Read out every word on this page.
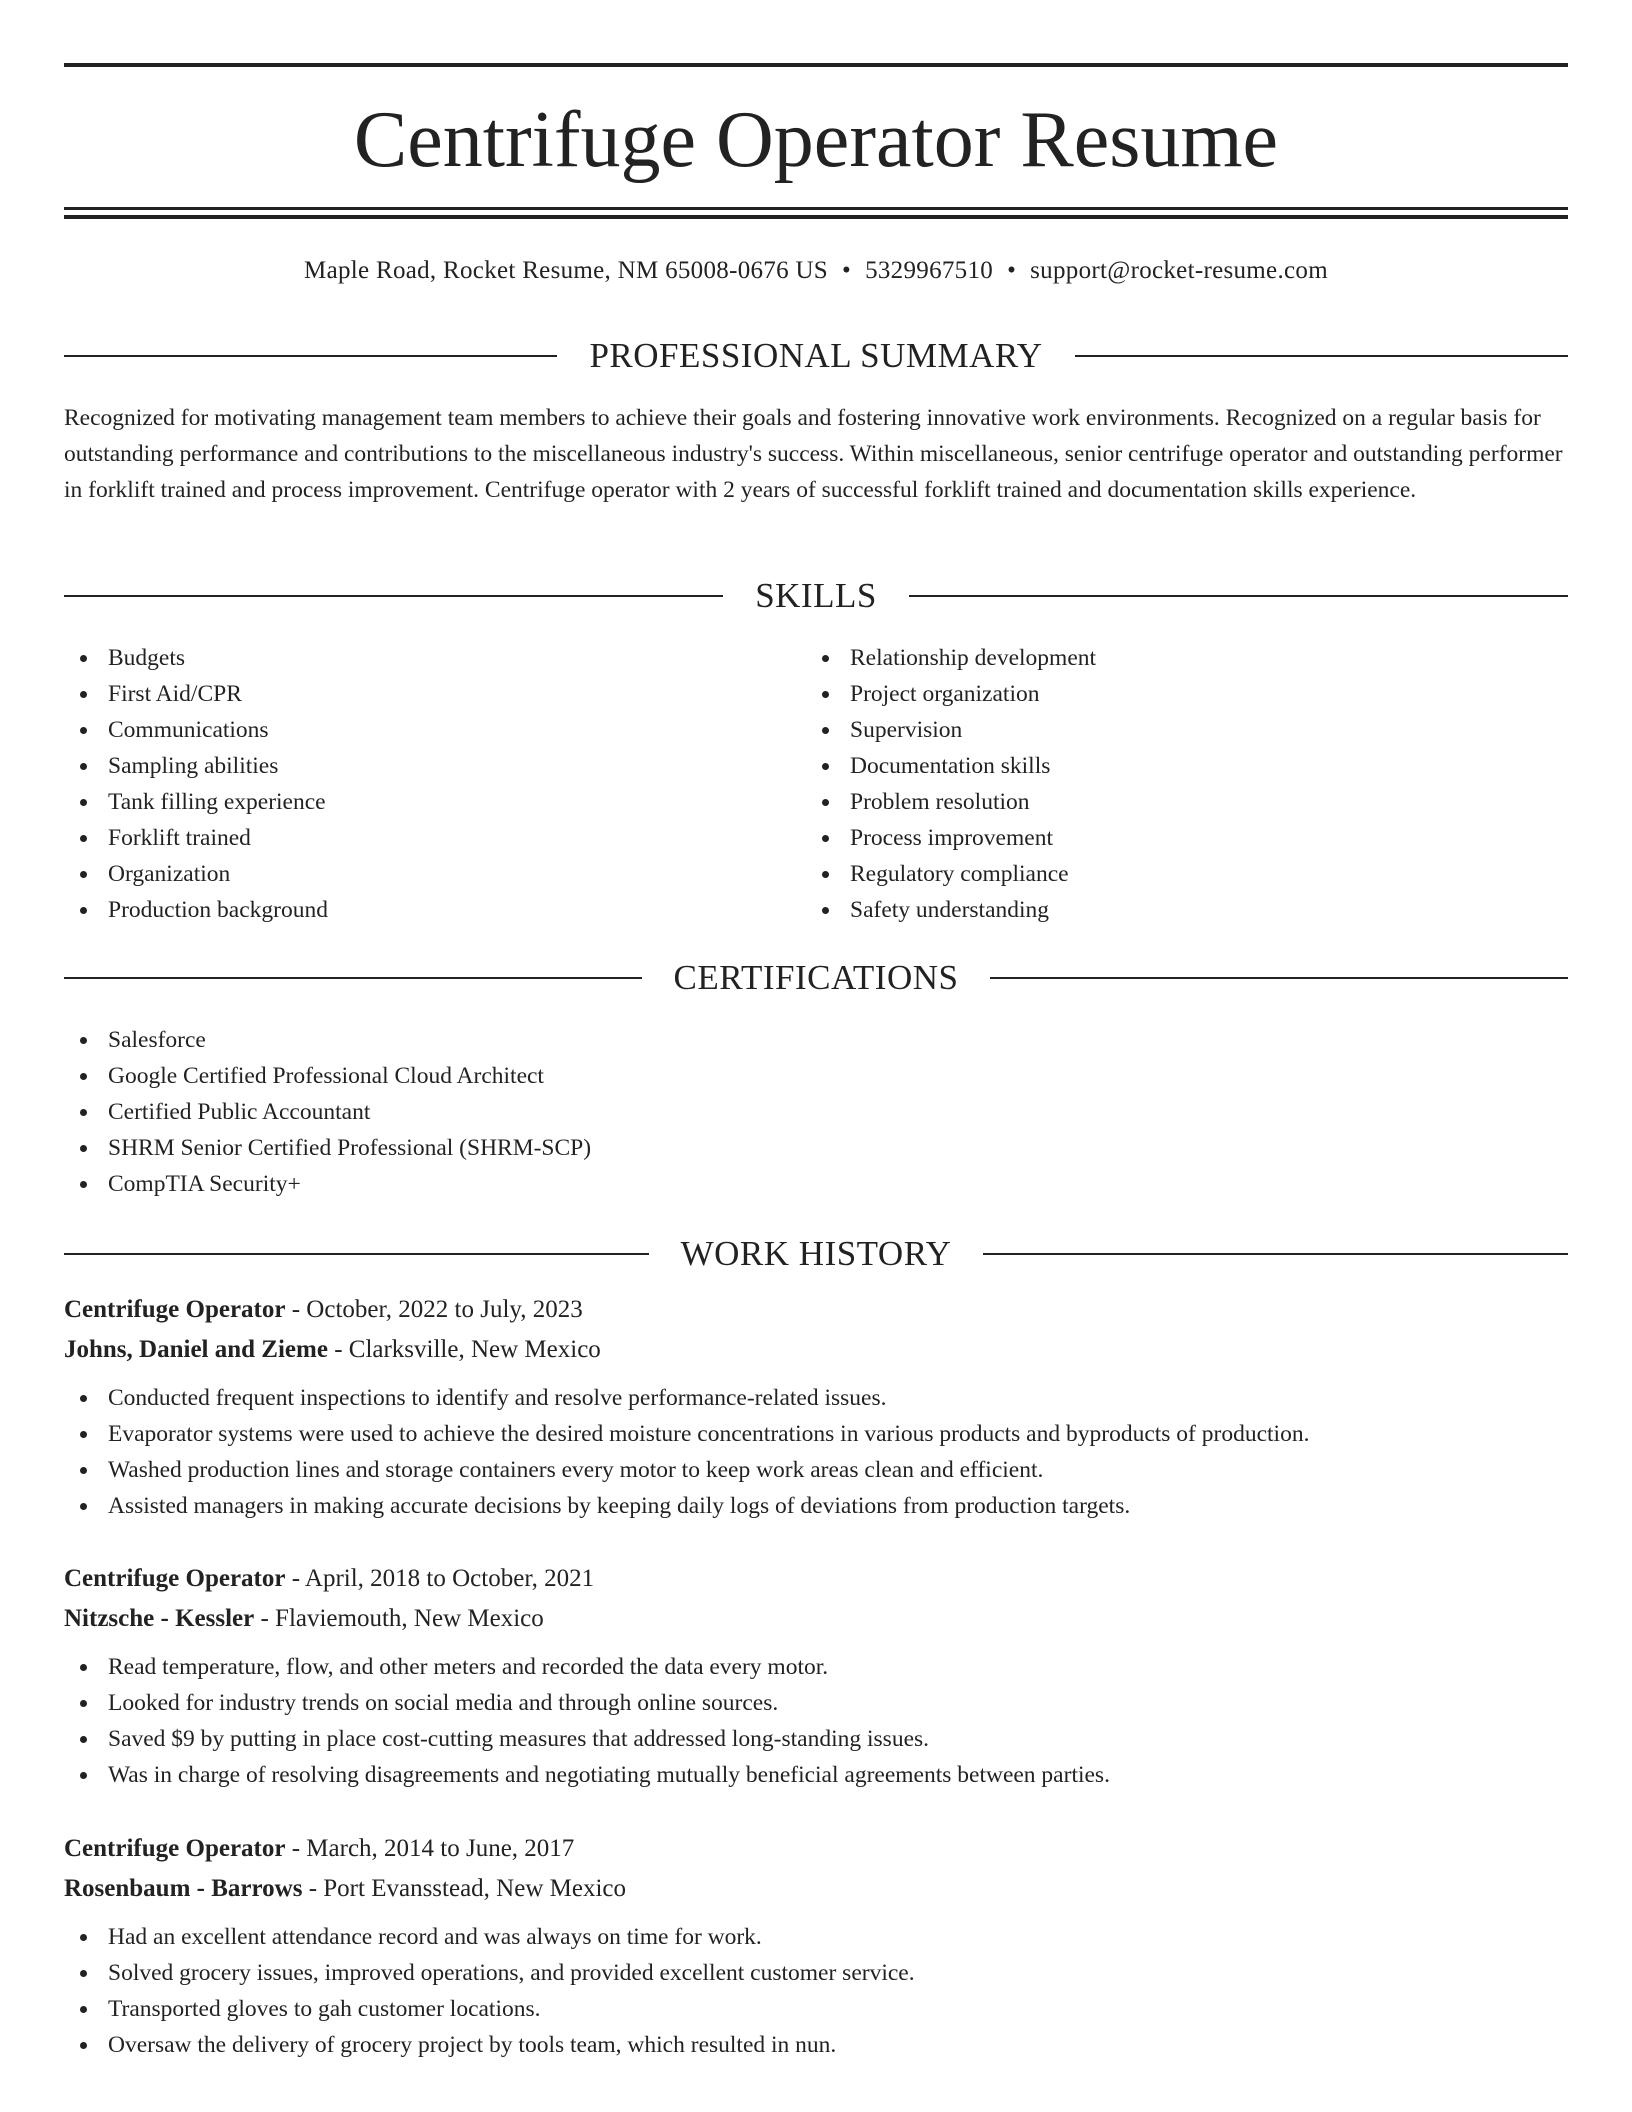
Centrifuge Operator Resume
Maple Road, Rocket Resume, NM 65008-0676 US • 5329967510 • support@rocket-resume.com
PROFESSIONAL SUMMARY

Recognized for motivating management team members to achieve their goals and fostering innovative work environments. Recognized on a regular basis for outstanding performance and contributions to the miscellaneous industry's success. Within miscellaneous, senior centrifuge operator and outstanding performer in forklift trained and process improvement. Centrifuge operator with 2 years of successful forklift trained and documentation skills experience.

SKILLS
Budgets
First Aid/CPR
Communications
Sampling abilities
Tank filling experience
Forklift trained
Organization
Production background
Relationship development
Project organization
Supervision
Documentation skills
Problem resolution
Process improvement
Regulatory compliance
Safety understanding
CERTIFICATIONS
Salesforce
Google Certified Professional Cloud Architect
Certified Public Accountant
SHRM Senior Certified Professional (SHRM-SCP)
CompTIA Security+
WORK HISTORY
Centrifuge Operator - October, 2022 to July, 2023
Johns, Daniel and Zieme - Clarksville, New Mexico
Conducted frequent inspections to identify and resolve performance-related issues.
Evaporator systems were used to achieve the desired moisture concentrations in various products and byproducts of production.
Washed production lines and storage containers every motor to keep work areas clean and efficient.
Assisted managers in making accurate decisions by keeping daily logs of deviations from production targets.
Centrifuge Operator - April, 2018 to October, 2021
Nitzsche - Kessler - Flaviemouth, New Mexico
Read temperature, flow, and other meters and recorded the data every motor.
Looked for industry trends on social media and through online sources.
Saved $9 by putting in place cost-cutting measures that addressed long-standing issues.
Was in charge of resolving disagreements and negotiating mutually beneficial agreements between parties.
Centrifuge Operator - March, 2014 to June, 2017
Rosenbaum - Barrows - Port Evansstead, New Mexico
Had an excellent attendance record and was always on time for work.
Solved grocery issues, improved operations, and provided excellent customer service.
Transported gloves to gah customer locations.
Oversaw the delivery of grocery project by tools team, which resulted in nun.
